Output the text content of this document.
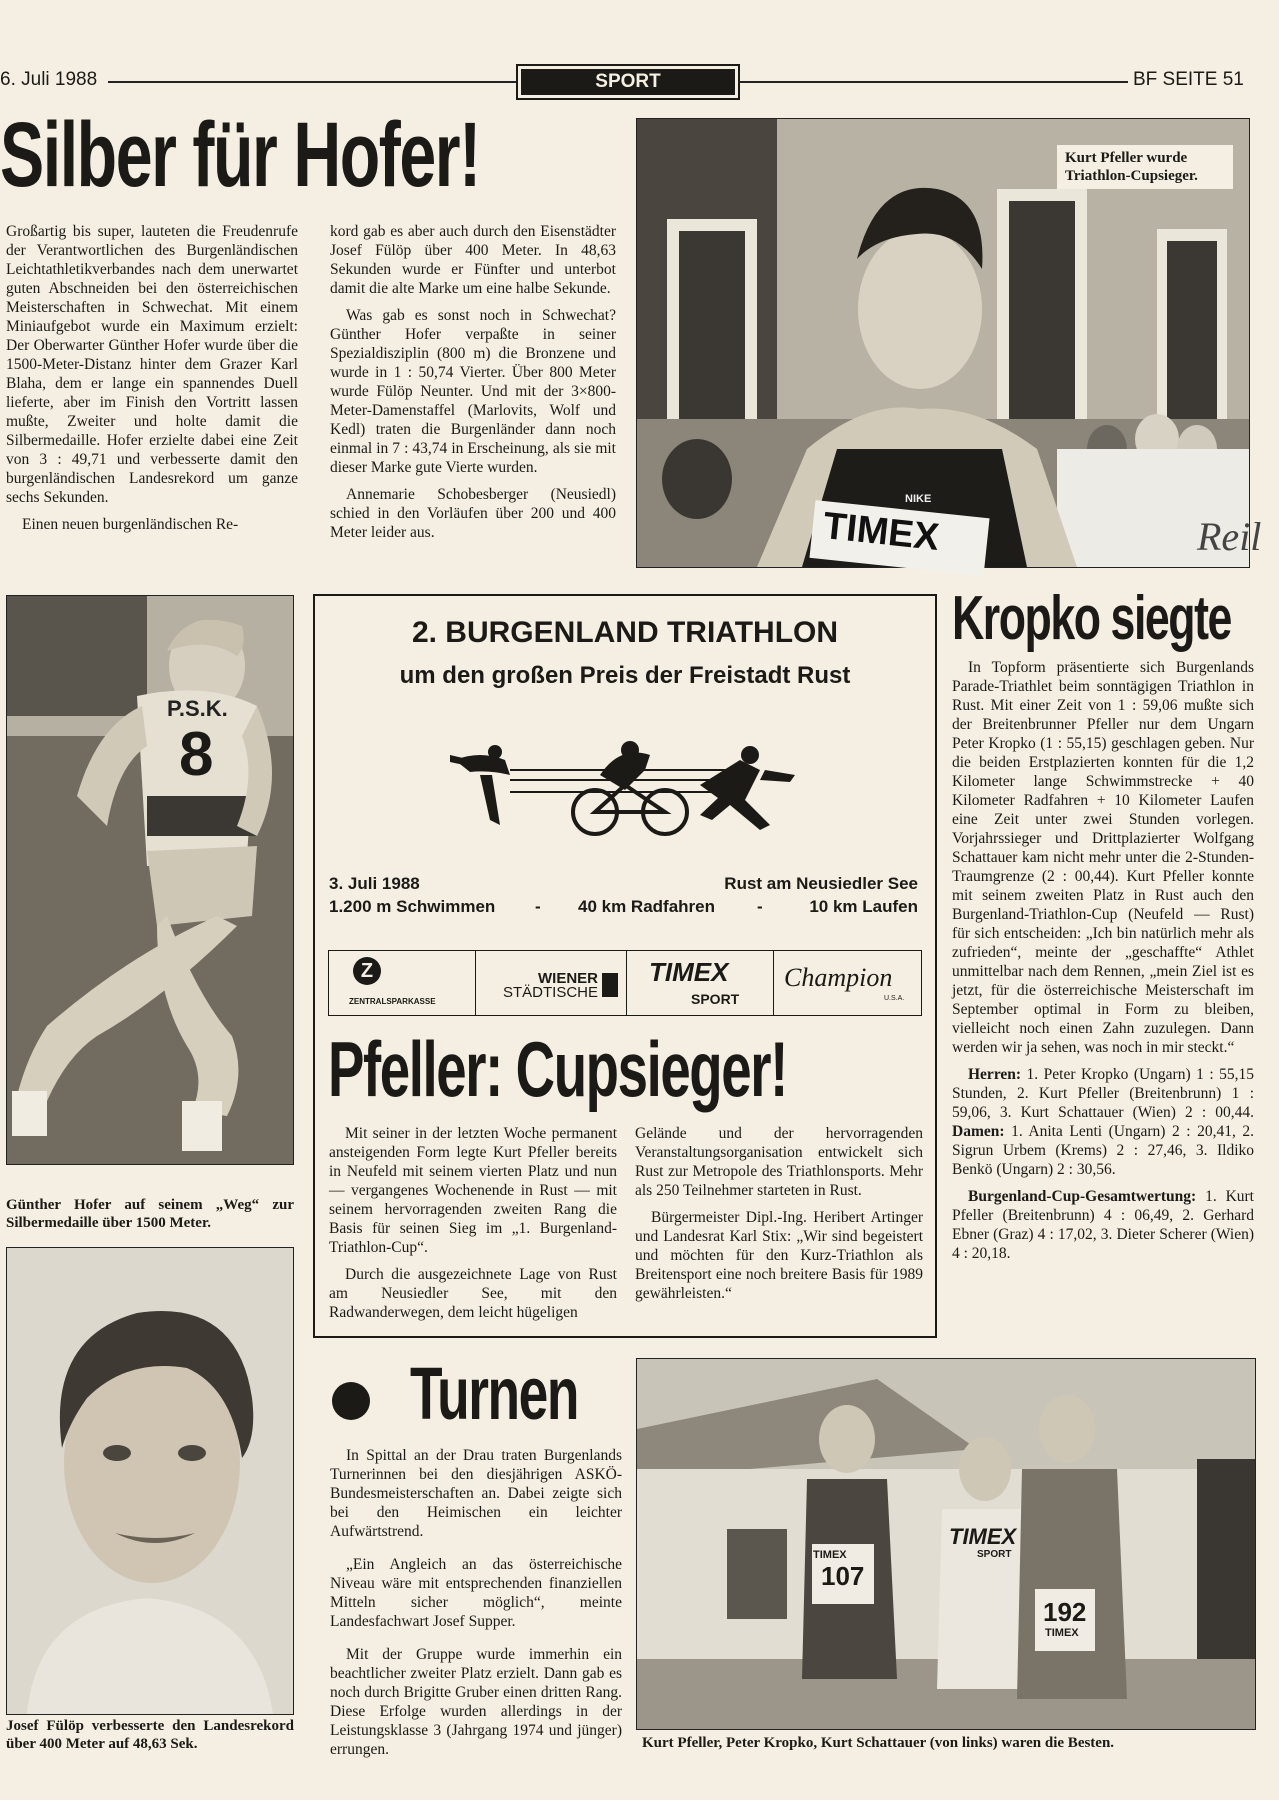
6. Juli 1988	SPORT	BF SEITE 51
Silber für Hofer!

Großartig bis super, lauteten die Freudenrufe der Verantwortlichen des Burgenländischen Leichtathletikverbandes nach dem unerwartet guten Abschneiden bei den österreichischen Meisterschaften in Schwechat. Mit einem Miniaufgebot wurde ein Maximum erzielt: Der Oberwarter Günther Hofer wurde über die 1500-Meter-Distanz hinter dem Grazer Karl Blaha, dem er lange ein spannendes Duell lieferte, aber im Finish den Vortritt lassen mußte, Zweiter und holte damit die Silbermedaille. Hofer erzielte dabei eine Zeit von 3 : 49,71 und verbesserte damit den burgenländischen Landesrekord um ganze sechs Sekunden.

Einen neuen burgenländischen Re-

kord gab es aber auch durch den Eisenstädter Josef Fülöp über 400 Meter. In 48,63 Sekunden wurde er Fünfter und unterbot damit die alte Marke um eine halbe Sekunde.

Was gab es sonst noch in Schwechat? Günther Hofer verpaßte in seiner Spezialdisziplin (800 m) die Bronzene und wurde in 1 : 50,74 Vierter. Über 800 Meter wurde Fülöp Neunter. Und mit der 3×800-Meter-Damenstaffel (Marlovits, Wolf und Kedl) traten die Burgenländer dann noch einmal in 7 : 43,74 in Erscheinung, als sie mit dieser Marke gute Vierte wurden.

Annemarie Schobesberger (Neusiedl) schied in den Vorläufen über 200 und 400 Meter leider aus.	TIMEX
NIKE
Reil
Kurt Pfeller wurde Triathlon-Cupsieger.
P.S.K.
8
Günther Hofer auf seinem „Weg“ zur Silbermedaille über 1500 Meter.
Josef Fülöp verbesserte den Landesrekord über 400 Meter auf 48,63 Sek.
2. BURGENLAND TRIATHLON
um den großen Preis der Freistadt Rust
3. Juli 1988	Rust am Neusiedler See
1.200 m Schwimmen - 40 km Radfahren -	10 km Laufen
Z
ZENTRALSPARKASSE
WIENER
STÄDTISCHE
TIMEX
SPORT
Champion
U.S.A.
Pfeller: Cupsieger!

Mit seiner in der letzten Woche permanent ansteigenden Form legte Kurt Pfeller bereits in Neufeld mit seinem vierten Platz und nun — vergangenes Wochenende in Rust — mit seinem hervorragenden zweiten Rang die Basis für seinen Sieg im „1. Burgenland-Triathlon-Cup“.

Durch die ausgezeichnete Lage von Rust am Neusiedler See, mit den Radwanderwegen, dem leicht hügeligen

Gelände und der hervorragenden Veranstaltungsorganisation entwickelt sich Rust zur Metropole des Triathlonsports. Mehr als 250 Teilnehmer starteten in Rust.

Bürgermeister Dipl.-Ing. Heribert Artinger und Landesrat Karl Stix: „Wir sind begeistert und möchten für den Kurz-Triathlon als Breitensport eine noch breitere Basis für 1989 gewährleisten.“

Kropko siegte

In Topform präsentierte sich Burgenlands Parade-Triathlet beim sonntägigen Triathlon in Rust. Mit einer Zeit von 1 : 59,06 mußte sich der Breitenbrunner Pfeller nur dem Ungarn Peter Kropko (1 : 55,15) geschlagen geben. Nur die beiden Erstplazierten konnten für die 1,2 Kilometer lange Schwimmstrecke + 40 Kilometer Radfahren + 10 Kilometer Laufen eine Zeit unter zwei Stunden vorlegen. Vorjahrssieger und Drittplazierter Wolfgang Schattauer kam nicht mehr unter die 2-Stunden-Traumgrenze (2 : 00,44). Kurt Pfeller konnte mit seinem zweiten Platz in Rust auch den Burgenland-Triathlon-Cup (Neufeld — Rust) für sich entscheiden: „Ich bin natürlich mehr als zufrieden“, meinte der „geschaffte“ Athlet unmittelbar nach dem Rennen, „mein Ziel ist es jetzt, für die österreichische Meisterschaft im September optimal in Form zu bleiben, vielleicht noch einen Zahn zuzulegen. Dann werden wir ja sehen, was noch in mir steckt.“

Herren: 1. Peter Kropko (Ungarn) 1 : 55,15 Stunden, 2. Kurt Pfeller (Breitenbrunn) 1 : 59,06, 3. Kurt Schattauer (Wien) 2 : 00,44. Damen: 1. Anita Lenti (Ungarn) 2 : 20,41, 2. Sigrun Urbem (Krems) 2 : 27,46, 3. Ildiko Benkö (Ungarn) 2 : 30,56.

Burgenland-Cup-Gesamtwertung: 1. Kurt Pfeller (Breitenbrunn) 4 : 06,49, 2. Gerhard Ebner (Graz) 4 : 17,02, 3. Dieter Scherer (Wien) 4 : 20,18.

Turnen

In Spittal an der Drau traten Burgenlands Turnerinnen bei den diesjährigen ASKÖ-Bundesmeisterschaften an. Dabei zeigte sich bei den Heimischen ein leichter Aufwärtstrend.

„Ein Angleich an das österreichische Niveau wäre mit entsprechenden finanziellen Mitteln sicher möglich“, meinte Landesfachwart Josef Supper.

Mit der Gruppe wurde immerhin ein beachtlicher zweiter Platz erzielt. Dann gab es noch durch Brigitte Gruber einen dritten Rang. Diese Erfolge wurden allerdings in der Leistungsklasse 3 (Jahrgang 1974 und jünger) errungen.

TIMEX
107
TIMEX
SPORT
192
TIMEX
Kurt Pfeller, Peter Kropko, Kurt Schattauer (von links) waren die Besten.
